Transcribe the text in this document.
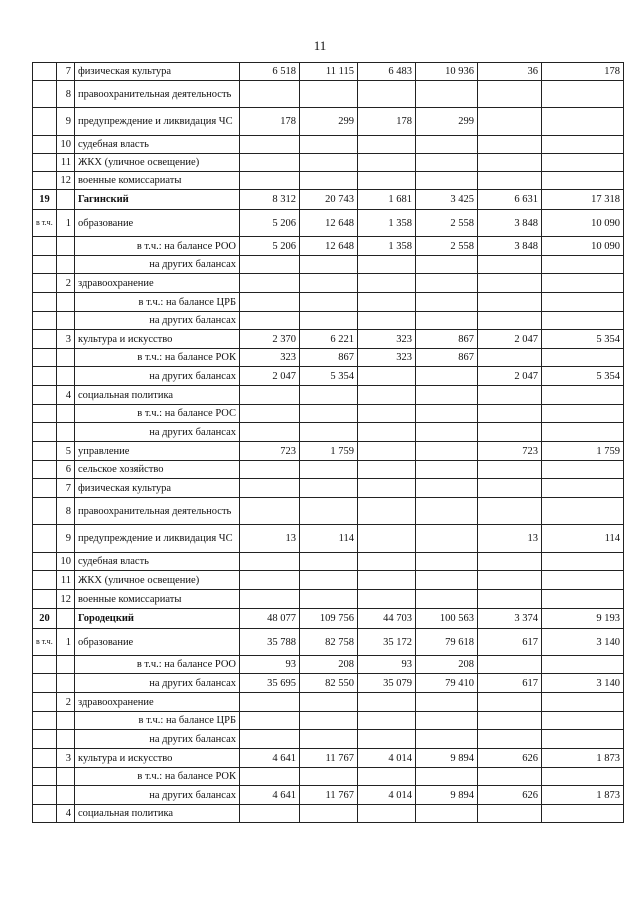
11
	7	физическая культура	6 518	11 115	6 483	10 936	36	178
	8	правоохранительная деятельность						
	9	предупреждение и ликвидация ЧС	178	299	178	299		
	10	судебная власть						
	11	ЖКХ (уличное освещение)						
	12	военные комиссариаты						
19		Гагинский	8 312	20 743	1 681	3 425	6 631	17 318
в т.ч.	1	образование	5 206	12 648	1 358	2 558	3 848	10 090
		в т.ч.: на балансе РОО	5 206	12 648	1 358	2 558	3 848	10 090
		на других балансах						
	2	здравоохранение						
		в т.ч.: на балансе ЦРБ						
		на других балансах						
	3	культура и искусство	2 370	6 221	323	867	2 047	5 354
		в т.ч.: на балансе РОК	323	867	323	867		
		на других балансах	2 047	5 354			2 047	5 354
	4	социальная политика						
		в т.ч.: на балансе РОС						
		на других балансах						
	5	управление	723	1 759			723	1 759
	6	сельское хозяйство						
	7	физическая культура						
	8	правоохранительная деятельность						
	9	предупреждение и ликвидация ЧС	13	114			13	114
	10	судебная власть						
	11	ЖКХ (уличное освещение)						
	12	военные комиссариаты						
20		Городецкий	48 077	109 756	44 703	100 563	3 374	9 193
в т.ч.	1	образование	35 788	82 758	35 172	79 618	617	3 140
		в т.ч.: на балансе РОО	93	208	93	208		
		на других балансах	35 695	82 550	35 079	79 410	617	3 140
	2	здравоохранение						
		в т.ч.: на балансе ЦРБ						
		на других балансах						
	3	культура и искусство	4 641	11 767	4 014	9 894	626	1 873
		в т.ч.: на балансе РОК						
		на других балансах	4 641	11 767	4 014	9 894	626	1 873
	4	социальная политика						
